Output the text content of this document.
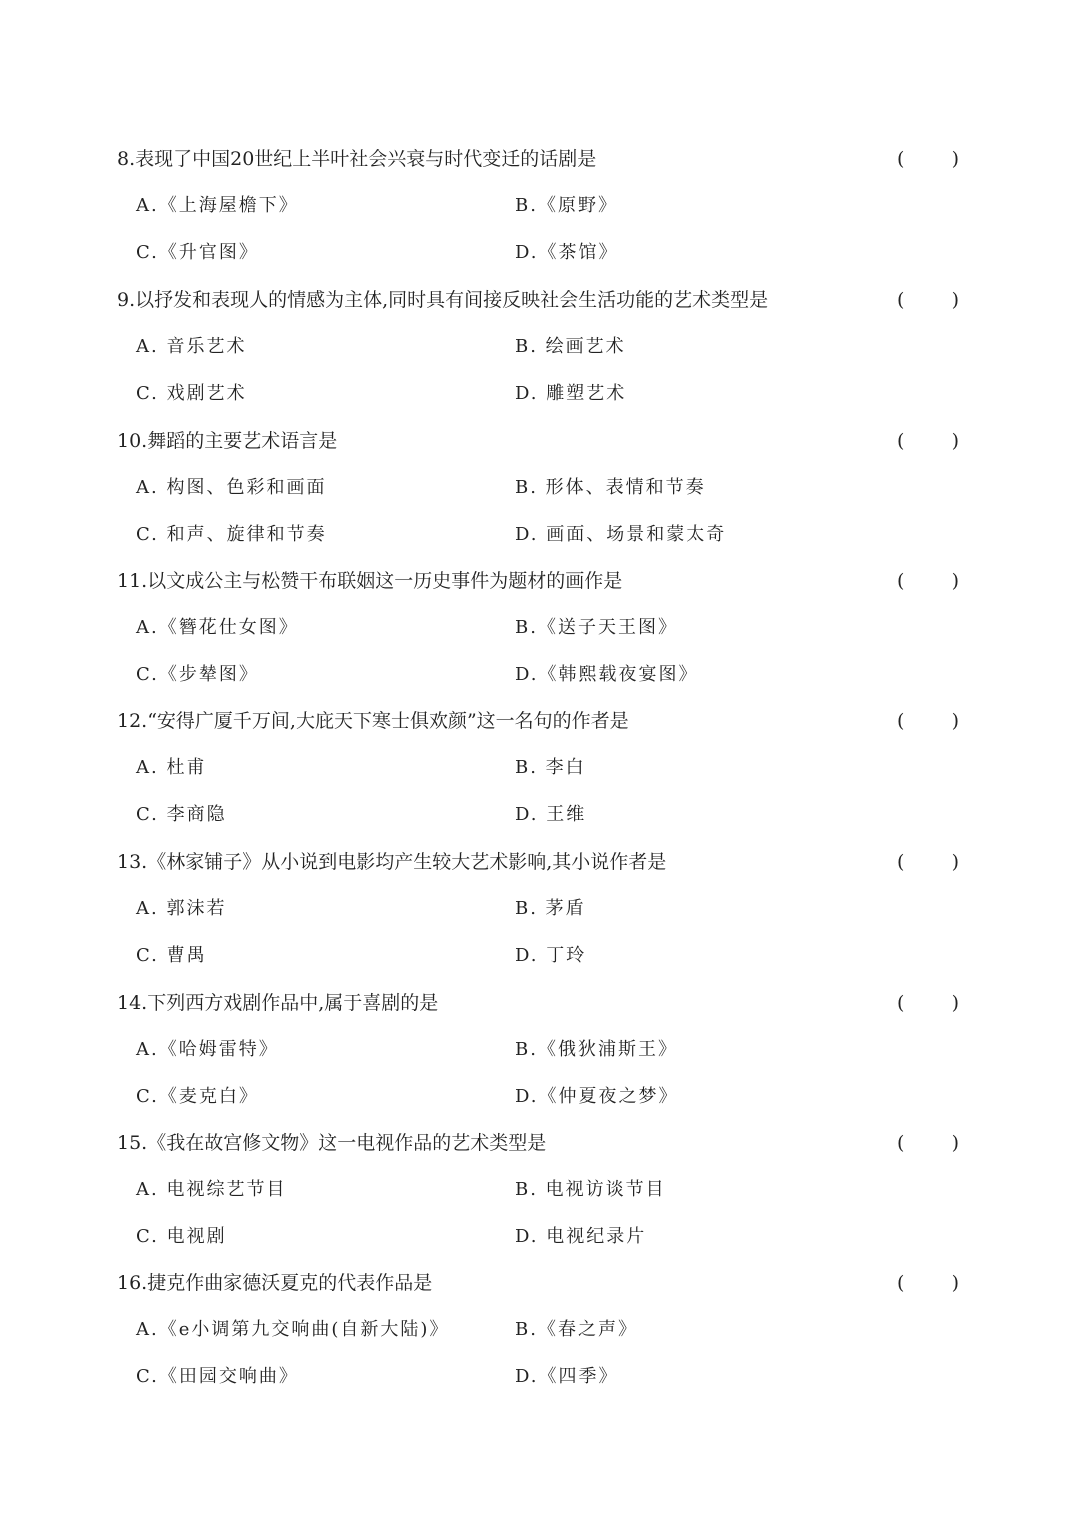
8.表现了中国20世纪上半叶社会兴衰与时代变迁的话剧是	( )
A.《上海屋檐下》	B.《原野》
C.《升官图》	D.《茶馆》
9.以抒发和表现人的情感为主体,同时具有间接反映社会生活功能的艺术类型是	( )
A. 音乐艺术	B. 绘画艺术
C. 戏剧艺术	D. 雕塑艺术
10.舞蹈的主要艺术语言是	( )
A. 构图、色彩和画面	B. 形体、表情和节奏
C. 和声、旋律和节奏	D. 画面、场景和蒙太奇
11.以文成公主与松赞干布联姻这一历史事件为题材的画作是	( )
A.《簪花仕女图》	B.《送子天王图》
C.《步辇图》	D.《韩熙载夜宴图》
12.“安得广厦千万间,大庇天下寒士俱欢颜”这一名句的作者是	( )
A. 杜甫	B. 李白
C. 李商隐	D. 王维
13.《林家铺子》从小说到电影均产生较大艺术影响,其小说作者是	( )
A. 郭沫若	B. 茅盾
C. 曹禺	D. 丁玲
14.下列西方戏剧作品中,属于喜剧的是	( )
A.《哈姆雷特》	B.《俄狄浦斯王》
C.《麦克白》	D.《仲夏夜之梦》
15.《我在故宫修文物》这一电视作品的艺术类型是	( )
A. 电视综艺节目	B. 电视访谈节目
C. 电视剧	D. 电视纪录片
16.捷克作曲家德沃夏克的代表作品是	( )
A.《e小调第九交响曲(自新大陆)》	B.《春之声》
C.《田园交响曲》	D.《四季》
